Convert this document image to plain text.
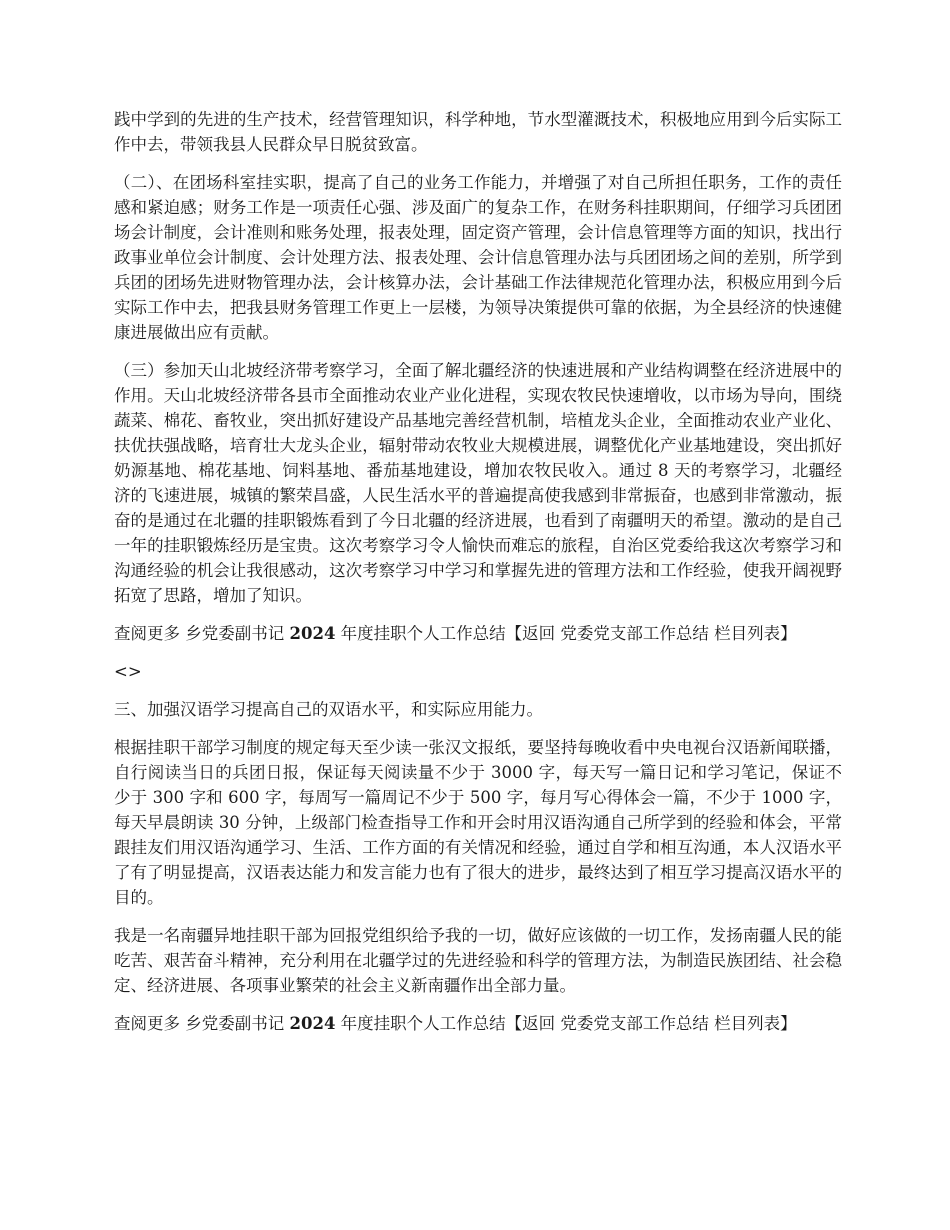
践中学到的先进的生产技术，经营管理知识，科学种地，节水型灌溉技术，积极地应用到今后实际工作中去，带领我县人民群众早日脱贫致富。

（二）、在团场科室挂实职，提高了自己的业务工作能力，并增强了对自己所担任职务，工作的责任感和紧迫感；财务工作是一项责任心强、涉及面广的复杂工作，在财务科挂职期间，仔细学习兵团团场会计制度，会计准则和账务处理，报表处理，固定资产管理，会计信息管理等方面的知识，找出行政事业单位会计制度、会计处理方法、报表处理、会计信息管理办法与兵团团场之间的差别，所学到兵团的团场先进财物管理办法，会计核算办法，会计基础工作法律规范化管理办法，积极应用到今后实际工作中去，把我县财务管理工作更上一层楼，为领导决策提供可靠的依据，为全县经济的快速健康进展做出应有贡献。

（三）参加天山北坡经济带考察学习，全面了解北疆经济的快速进展和产业结构调整在经济进展中的作用。天山北坡经济带各县市全面推动农业产业化进程，实现农牧民快速增收，以市场为导向，围绕蔬菜、棉花、畜牧业，突出抓好建设产品基地完善经营机制，培植龙头企业，全面推动农业产业化、扶优扶强战略，培育壮大龙头企业，辐射带动农牧业大规模进展，调整优化产业基地建设，突出抓好奶源基地、棉花基地、饲料基地、番茄基地建设，增加农牧民收入。通过 8 天的考察学习，北疆经济的飞速进展，城镇的繁荣昌盛，人民生活水平的普遍提高使我感到非常振奋，也感到非常激动，振奋的是通过在北疆的挂职锻炼看到了今日北疆的经济进展，也看到了南疆明天的希望。激动的是自己一年的挂职锻炼经历是宝贵。这次考察学习令人愉快而难忘的旅程，自治区党委给我这次考察学习和沟通经验的机会让我很感动，这次考察学习中学习和掌握先进的管理方法和工作经验，使我开阔视野拓宽了思路，增加了知识。

查阅更多 乡党委副书记 2024 年度挂职个人工作总结【返回 党委党支部工作总结 栏目列表】

<>

三、加强汉语学习提高自己的双语水平，和实际应用能力。

根据挂职干部学习制度的规定每天至少读一张汉文报纸，要坚持每晚收看中央电视台汉语新闻联播，自行阅读当日的兵团日报，保证每天阅读量不少于 3000 字，每天写一篇日记和学习笔记，保证不少于 300 字和 600 字，每周写一篇周记不少于 500 字，每月写心得体会一篇，不少于 1000 字，每天早晨朗读 30 分钟，上级部门检查指导工作和开会时用汉语沟通自己所学到的经验和体会，平常跟挂友们用汉语沟通学习、生活、工作方面的有关情况和经验，通过自学和相互沟通，本人汉语水平了有了明显提高，汉语表达能力和发言能力也有了很大的进步，最终达到了相互学习提高汉语水平的目的。

我是一名南疆异地挂职干部为回报党组织给予我的一切，做好应该做的一切工作，发扬南疆人民的能吃苦、艰苦奋斗精神，充分利用在北疆学过的先进经验和科学的管理方法，为制造民族团结、社会稳定、经济进展、各项事业繁荣的社会主义新南疆作出全部力量。

查阅更多 乡党委副书记 2024 年度挂职个人工作总结【返回 党委党支部工作总结 栏目列表】
